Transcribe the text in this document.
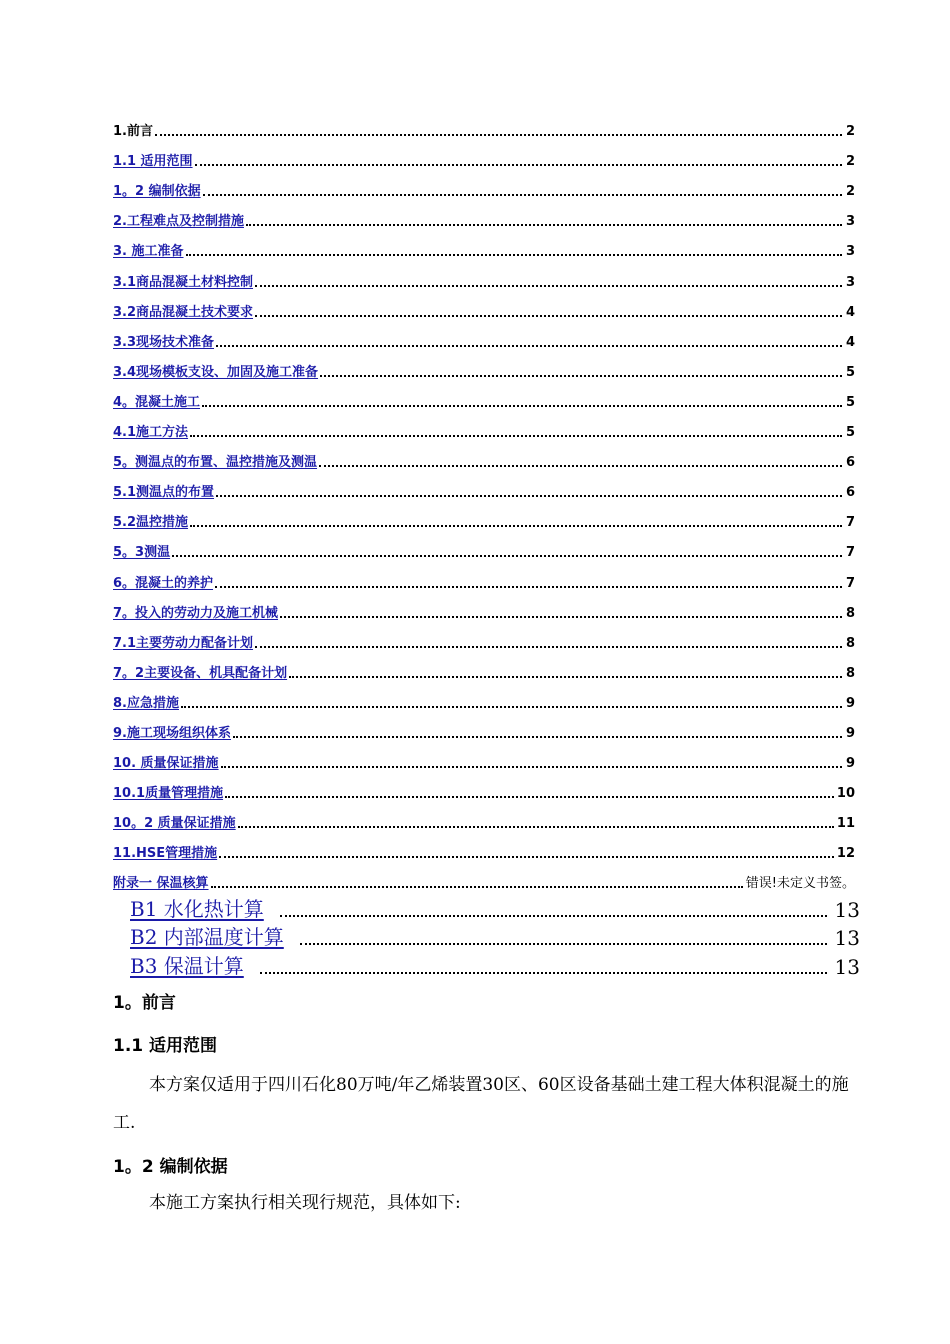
1.前言	2
1.1 适用范围	2
1。2 编制依据	2
2.工程难点及控制措施	3
3. 施工准备	3
3.1商品混凝土材料控制	3
3.2商品混凝土技术要求	4
3.3现场技术准备	4
3.4现场模板支设、加固及施工准备	5
4。混凝土施工	5
4.1施工方法	5
5。测温点的布置、温控措施及测温	6
5.1测温点的布置	6
5.2温控措施	7
5。3测温	7
6。混凝土的养护	7
7。投入的劳动力及施工机械	8
7.1主要劳动力配备计划	8
7。2主要设备、机具配备计划	8
8.应急措施	9
9.施工现场组织体系	9
10. 质量保证措施	9
10.1质量管理措施	10
10。2 质量保证措施	11
11.HSE管理措施	12
附录一 保温核算	错误!未定义书签。
B1 水化热计算	13
B2 内部温度计算	13
B3 保温计算	13
1。前言
1.1 适用范围
本方案仅适用于四川石化80万吨/年乙烯装置30区、60区设备基础土建工程大体积混凝土的施工.
1。2 编制依据
本施工方案执行相关现行规范，具体如下:
